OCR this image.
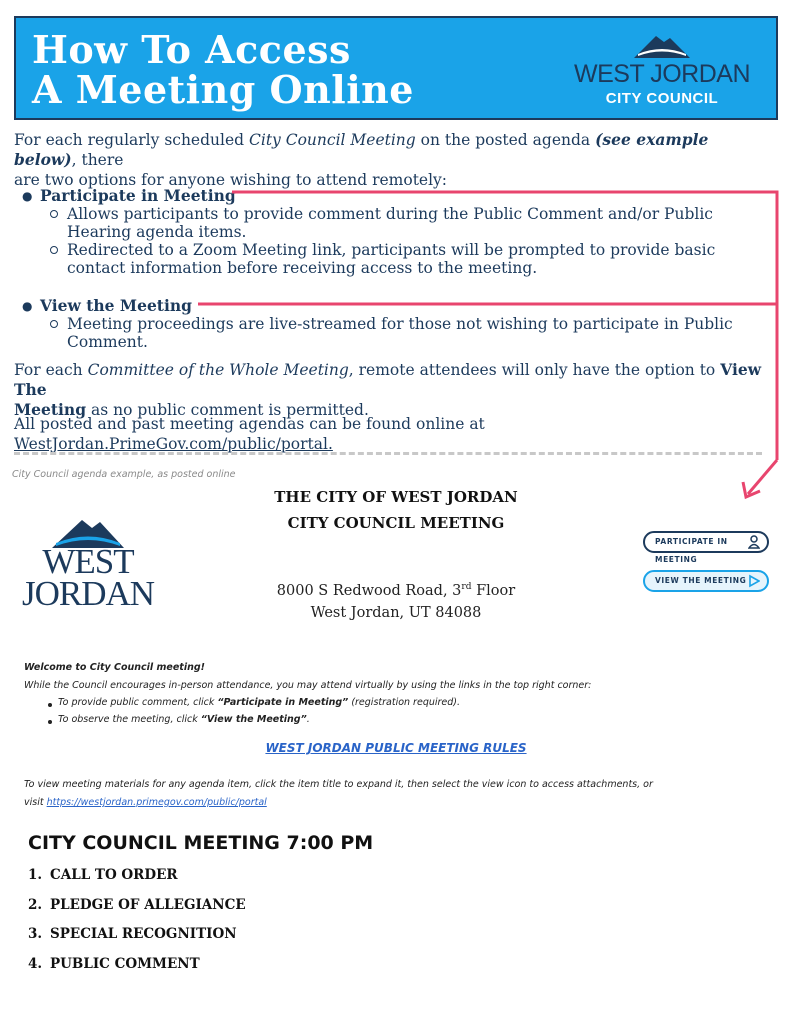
How To Access
A Meeting Online	WEST JORDAN
CITY COUNCIL
For each regularly scheduled City Council Meeting on the posted agenda (see example below), there
are two options for anyone wishing to attend remotely:
● Participate in Meeting
Allows participants to provide comment during the Public Comment and/or Public Hearing agenda items.
Redirected to a Zoom Meeting link, participants will be prompted to provide basic contact information before receiving access to the meeting.
● View the Meeting
Meeting proceedings are live-streamed for those not wishing to participate in Public Comment.
For each Committee of the Whole Meeting, remote attendees will only have the option to View The
Meeting as no public comment is permitted.
All posted and past meeting agendas can be found online at WestJordan.PrimeGov.com/public/portal.
City Council agenda example, as posted online
THE CITY OF WEST JORDAN
CITY COUNCIL MEETING
WEST
JORDAN	8000 S Redwood Road, 3rd Floor
West Jordan, UT 84088
PARTICIPATE IN MEETING
VIEW THE MEETING
Welcome to City Council meeting!
While the Council encourages in-person attendance, you may attend virtually by using the links in the top right corner:
To provide public comment, click “Participate in Meeting” (registration required).
To observe the meeting, click “View the Meeting”.
WEST JORDAN PUBLIC MEETING RULES
To view meeting materials for any agenda item, click the item title to expand it, then select the view icon to access attachments, or
visit https://westjordan.primegov.com/public/portal
CITY COUNCIL MEETING 7:00 PM
1. CALL TO ORDER
2. PLEDGE OF ALLEGIANCE
3. SPECIAL RECOGNITION
4. PUBLIC COMMENT
